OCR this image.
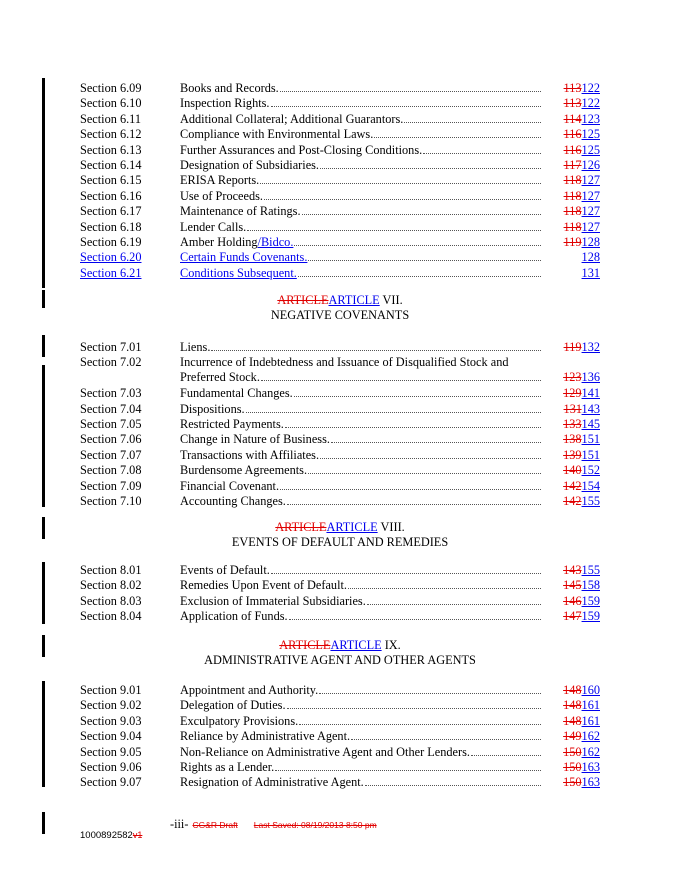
Section 6.09	Books and Records.	113122
Section 6.10	Inspection Rights.	113122
Section 6.11	Additional Collateral; Additional Guarantors.	114123
Section 6.12	Compliance with Environmental Laws.	116125
Section 6.13	Further Assurances and Post-Closing Conditions.	116125
Section 6.14	Designation of Subsidiaries.	117126
Section 6.15	ERISA Reports.	118127
Section 6.16	Use of Proceeds.	118127
Section 6.17	Maintenance of Ratings.	118127
Section 6.18	Lender Calls.	118127
Section 6.19	Amber Holding/Bidco.	119128
Section 6.20	Certain Funds Covenants.	128
Section 6.21	Conditions Subsequent.	131
ARTICLEARTICLE VII.
NEGATIVE COVENANTS
Section 7.01	Liens.	119132
Section 7.02	Incurrence of Indebtedness and Issuance of Disqualified Stock and
Preferred Stock.	123136
Section 7.03	Fundamental Changes.	129141
Section 7.04	Dispositions.	131143
Section 7.05	Restricted Payments.	133145
Section 7.06	Change in Nature of Business.	138151
Section 7.07	Transactions with Affiliates.	139151
Section 7.08	Burdensome Agreements.	140152
Section 7.09	Financial Covenant.	142154
Section 7.10	Accounting Changes.	142155
ARTICLEARTICLE VIII.
EVENTS OF DEFAULT AND REMEDIES
Section 8.01	Events of Default.	143155
Section 8.02	Remedies Upon Event of Default.	145158
Section 8.03	Exclusion of Immaterial Subsidiaries.	146159
Section 8.04	Application of Funds.	147159
ARTICLEARTICLE IX.
ADMINISTRATIVE AGENT AND OTHER AGENTS
Section 9.01	Appointment and Authority.	148160
Section 9.02	Delegation of Duties.	148161
Section 9.03	Exculpatory Provisions.	148161
Section 9.04	Reliance by Administrative Agent.	149162
Section 9.05	Non-Reliance on Administrative Agent and Other Lenders.	150162
Section 9.06	Rights as a Lender.	150163
Section 9.07	Resignation of Administrative Agent.	150163
-iii- CG&R Draft Last Saved: 08/19/2013 8:50 pm
1000892582v1
